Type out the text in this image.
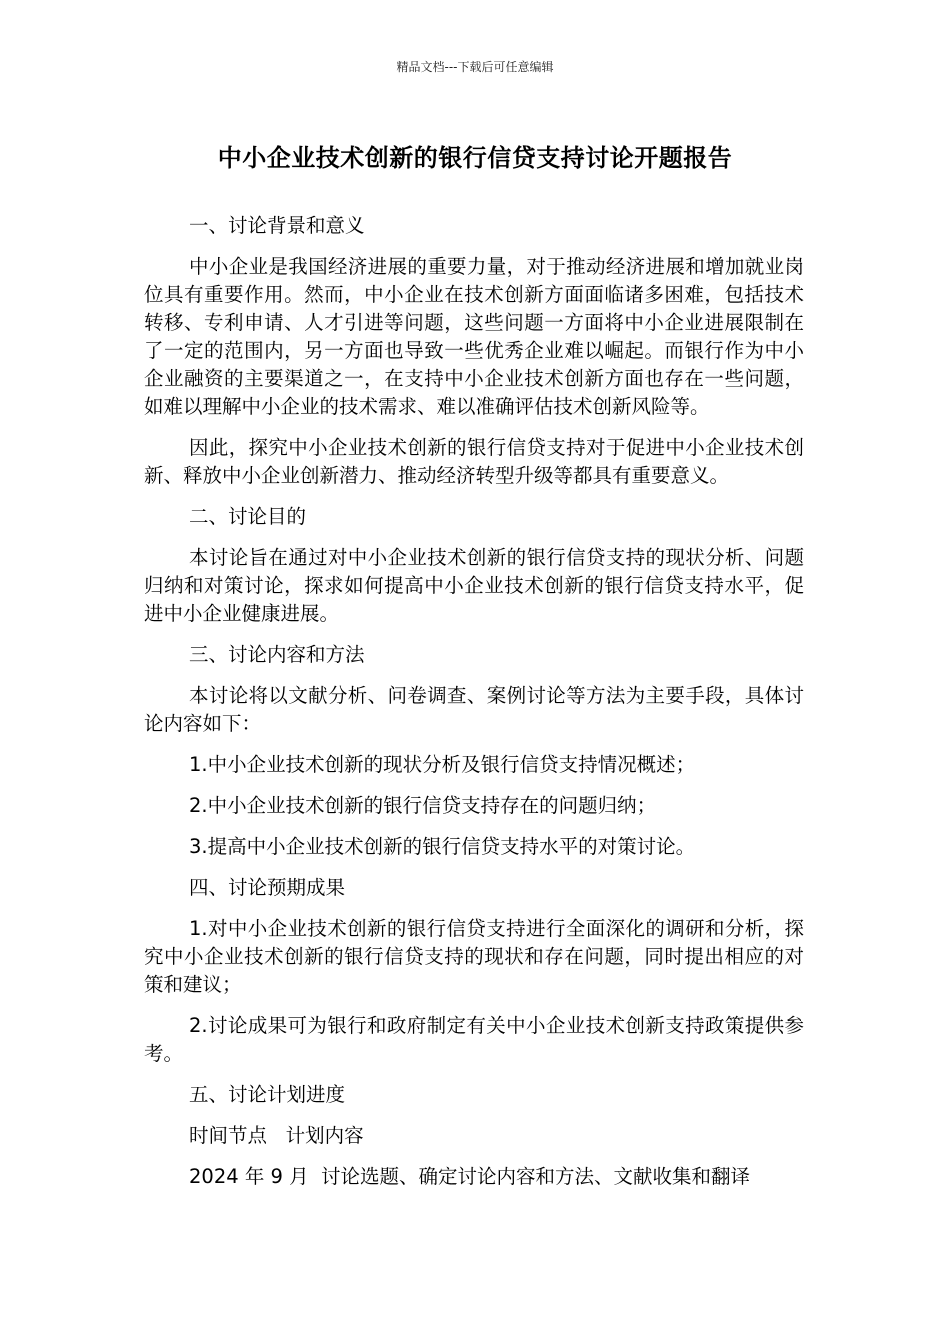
精品文档---下载后可任意编辑
中小企业技术创新的银行信贷支持讨论开题报告
一、讨论背景和意义

中小企业是我国经济进展的重要力量，对于推动经济进展和增加就业岗位具有重要作用。然而，中小企业在技术创新方面面临诸多困难，包括技术转移、专利申请、人才引进等问题，这些问题一方面将中小企业进展限制在了一定的范围内，另一方面也导致一些优秀企业难以崛起。而银行作为中小企业融资的主要渠道之一，在支持中小企业技术创新方面也存在一些问题，如难以理解中小企业的技术需求、难以准确评估技术创新风险等。

因此，探究中小企业技术创新的银行信贷支持对于促进中小企业技术创新、释放中小企业创新潜力、推动经济转型升级等都具有重要意义。

二、讨论目的

本讨论旨在通过对中小企业技术创新的银行信贷支持的现状分析、问题归纳和对策讨论，探求如何提高中小企业技术创新的银行信贷支持水平，促进中小企业健康进展。

三、讨论内容和方法

本讨论将以文献分析、问卷调查、案例讨论等方法为主要手段，具体讨论内容如下：

1.中小企业技术创新的现状分析及银行信贷支持情况概述；

2.中小企业技术创新的银行信贷支持存在的问题归纳；

3.提高中小企业技术创新的银行信贷支持水平的对策讨论。

四、讨论预期成果

1.对中小企业技术创新的银行信贷支持进行全面深化的调研和分析，探究中小企业技术创新的银行信贷支持的现状和存在问题，同时提出相应的对策和建议；

2.讨论成果可为银行和政府制定有关中小企业技术创新支持政策提供参考。

五、讨论计划进度
时间节点   计划内容
2024 年 9 月  讨论选题、确定讨论内容和方法、文献收集和翻译
